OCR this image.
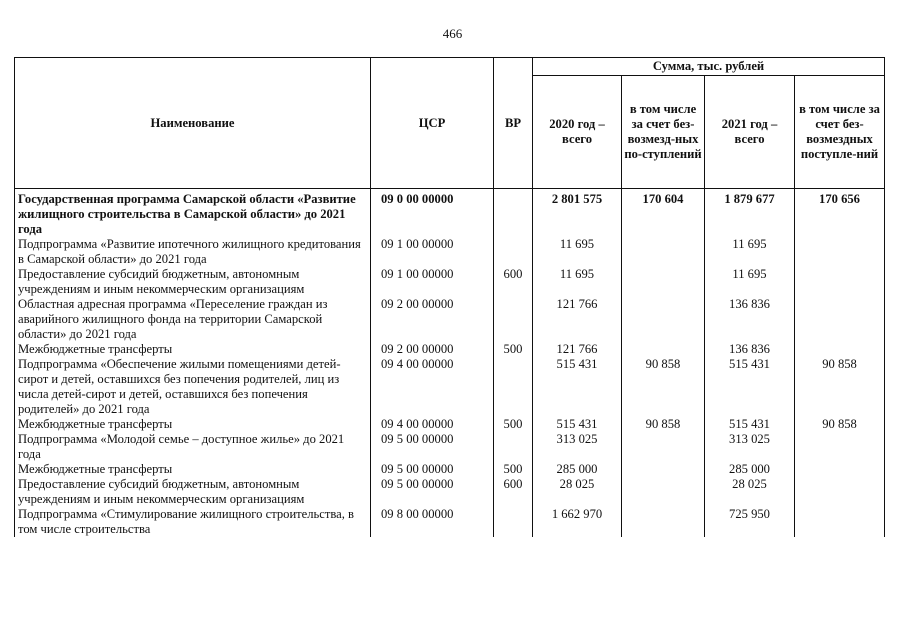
466
Наименование	ЦСР	ВР	Сумма, тыс. рублей			
			2020 год – всего	в том числе за счет без-возмезд-ных по-ступлений	2021 год – всего	в том числе за счет без-возмездных поступле-ний
Государственная программа Самарской области «Развитие жилищного строительства в Самарской области» до 2021 года	09 0 00 00000		2 801 575	170 604	1 879 677	170 656
Подпрограмма «Развитие ипотечного жилищного кредитования в Самарской области» до 2021 года	09 1 00 00000		11 695		11 695	
Предоставление субсидий бюджетным, автономным учреждениям и иным некоммерческим организациям	09 1 00 00000	600	11 695		11 695	
Областная адресная программа «Переселение граждан из аварийного жилищного фонда на территории Самарской области» до 2021 года	09 2 00 00000		121 766		136 836	
Межбюджетные трансферты	09 2 00 00000	500	121 766		136 836	
Подпрограмма «Обеспечение жилыми помещениями детей-сирот и детей, оставшихся без попечения родителей, лиц из числа детей-сирот и детей, оставшихся без попечения родителей» до 2021 года	09 4 00 00000		515 431	90 858	515 431	90 858
Межбюджетные трансферты	09 4 00 00000	500	515 431	90 858	515 431	90 858
Подпрограмма «Молодой семье – доступное жилье» до 2021 года	09 5 00 00000		313 025		313 025	
Межбюджетные трансферты	09 5 00 00000	500	285 000		285 000	
Предоставление субсидий бюджетным, автономным учреждениям и иным некоммерческим организациям	09 5 00 00000	600	28 025		28 025	
Подпрограмма «Стимулирование жилищного строительства, в том числе строительства	09 8 00 00000		1 662 970		725 950	
